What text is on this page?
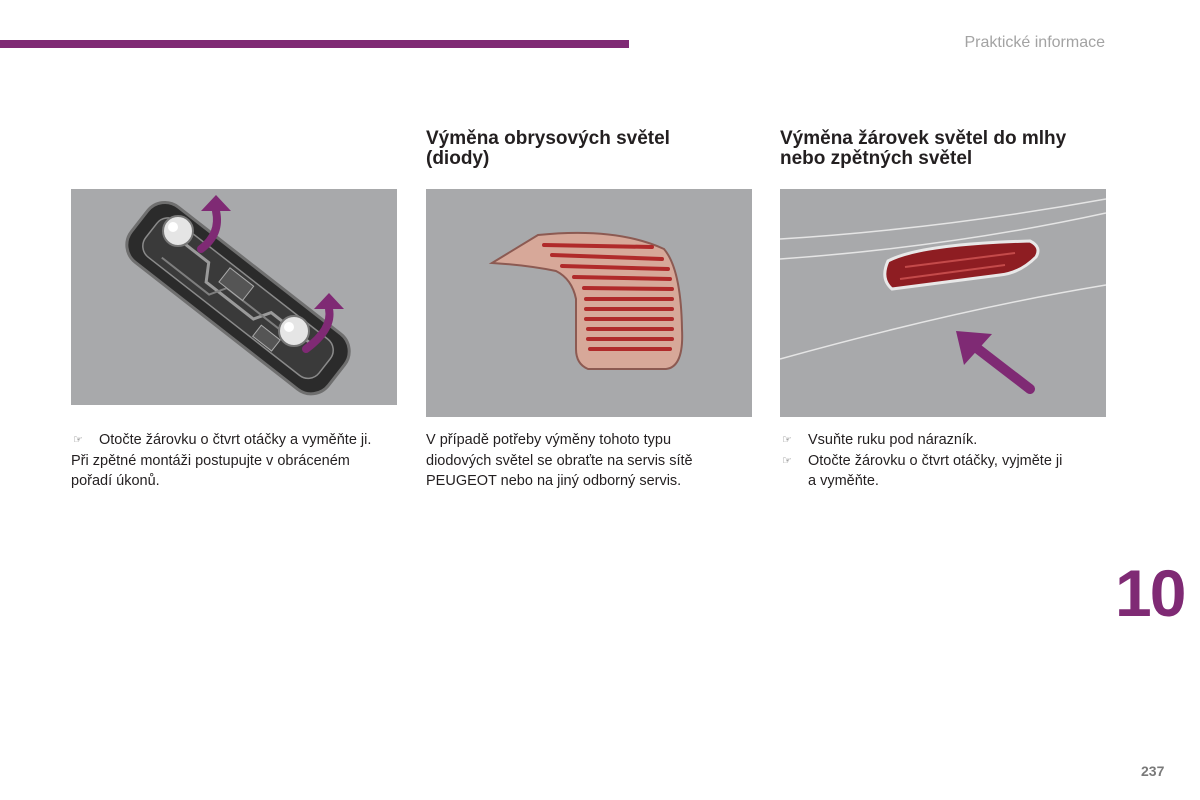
Praktické informace
Výměna obrysových světel
(diody)
Výměna žárovek světel do mlhy
nebo zpětných světel
☞ Otočte žárovku o čtvrt otáčky a vyměňte ji.
Při zpětné montáži postupujte v obráceném pořadí úkonů.
V případě potřeby výměny tohoto typu
diodových světel se obraťte na servis sítě
PEUGEOT nebo na jiný odborný servis.
☞ Vsuňte ruku pod nárazník.
☞ Otočte žárovku o čtvrt otáčky, vyjměte ji
a vyměňte.
10
237
